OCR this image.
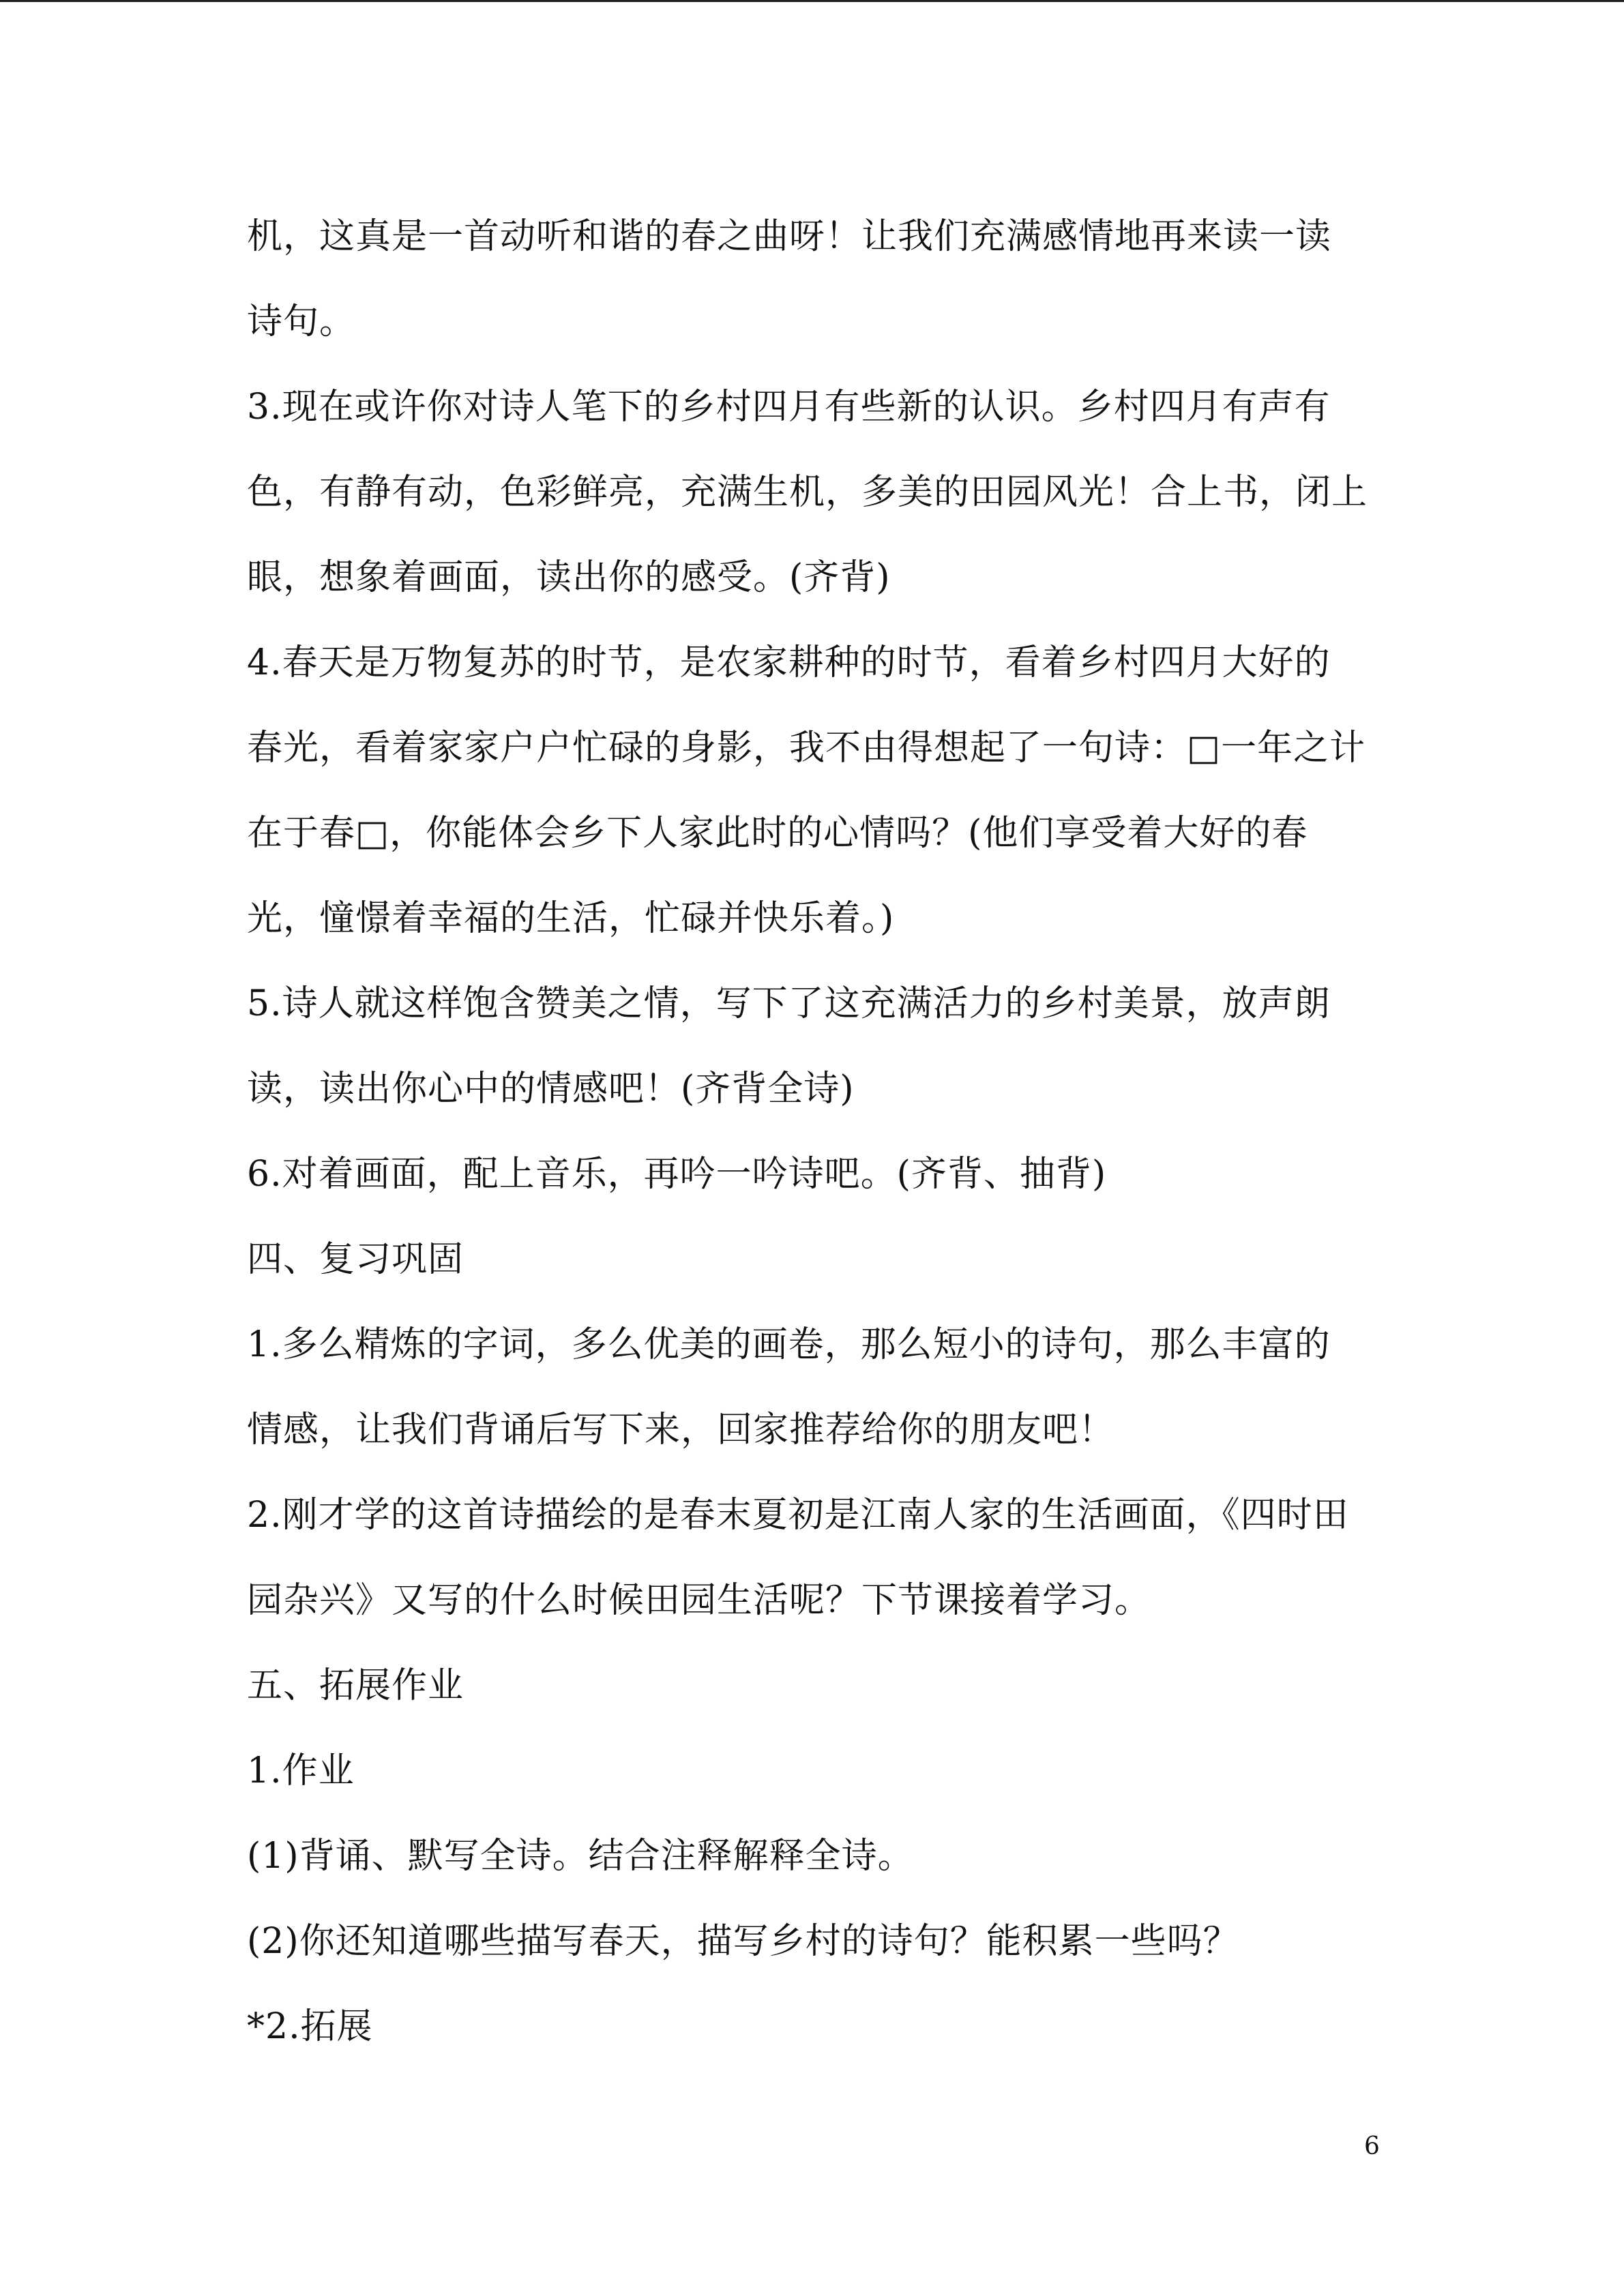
机，这真是一首动听和谐的春之曲呀！让我们充满感情地再来读一读
诗句。
3.现在或许你对诗人笔下的乡村四月有些新的认识。乡村四月有声有
色，有静有动，色彩鲜亮，充满生机，多美的田园风光！合上书，闭上
眼，想象着画面，读出你的感受。(齐背)
4.春天是万物复苏的时节，是农家耕种的时节，看着乡村四月大好的
春光，看着家家户户忙碌的身影，我不由得想起了一句诗：□一年之计
在于春□，你能体会乡下人家此时的心情吗？(他们享受着大好的春
光，憧憬着幸福的生活，忙碌并快乐着。)
5.诗人就这样饱含赞美之情，写下了这充满活力的乡村美景，放声朗
读，读出你心中的情感吧！(齐背全诗)
6.对着画面，配上音乐，再吟一吟诗吧。(齐背、抽背)
四、复习巩固
1.多么精炼的字词，多么优美的画卷，那么短小的诗句，那么丰富的
情感，让我们背诵后写下来，回家推荐给你的朋友吧！
2.刚才学的这首诗描绘的是春末夏初是江南人家的生活画面，《四时田
园杂兴》又写的什么时候田园生活呢？下节课接着学习。
五、拓展作业
1.作业
(1)背诵、默写全诗。结合注释解释全诗。
(2)你还知道哪些描写春天，描写乡村的诗句？能积累一些吗？
*2.拓展
6
